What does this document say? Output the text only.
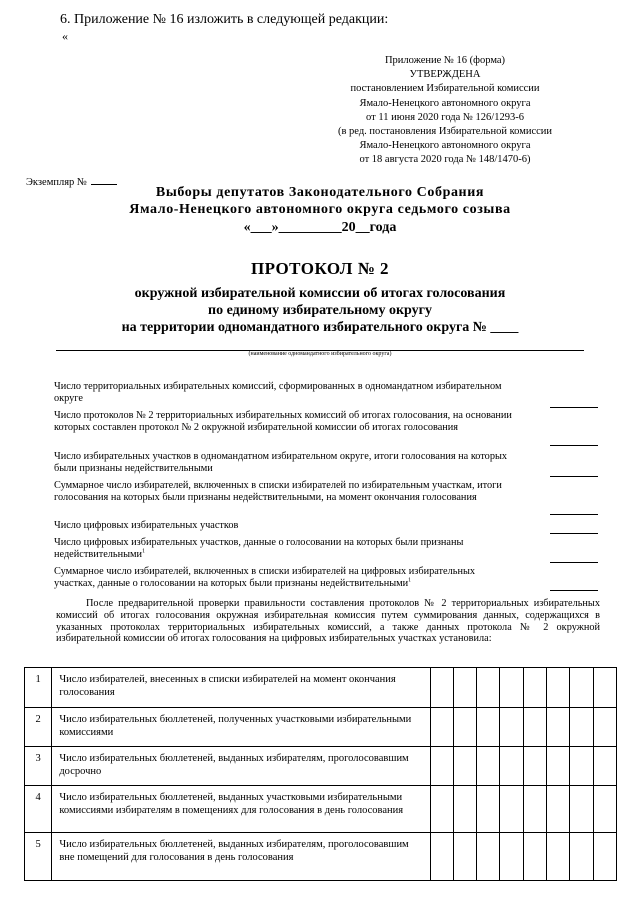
6. Приложение № 16 изложить в следующей редакции:
«
Приложение № 16 (форма)
УТВЕРЖДЕНА
постановлением Избирательной комиссии
Ямало-Ненецкого автономного округа
от 11 июня 2020 года № 126/1293-6
(в ред. постановления Избирательной комиссии
Ямало-Ненецкого автономного округа
от 18 августа 2020 года № 148/1470-6)
Экземпляр №
Выборы депутатов Законодательного Собрания
Ямало-Ненецкого автономного округа седьмого созыва
«___»_________20__года
ПРОТОКОЛ № 2
окружной избирательной комиссии об итогах голосования
по единому избирательному округу
на территории одномандатного избирательного округа № ____
(наименование одномандатного избирательного округа)
Число территориальных избирательных комиссий, сформированных в одномандатном избирательном округе
Число протоколов № 2 территориальных избирательных комиссий об итогах голосования, на основании которых составлен протокол № 2 окружной избирательной комиссии об итогах голосования
Число избирательных участков в одномандатном избирательном округе, итоги голосования на которых были признаны недействительными
Суммарное число избирателей, включенных в списки избирателей по избирательным участкам, итоги голосования на которых были признаны недействительными, на момент окончания голосования
Число цифровых избирательных участков
Число цифровых избирательных участков, данные о голосовании на которых были признаны недействительными$^1$
Суммарное число избирателей, включенных в списки избирателей на цифровых избирательных участках, данные о голосовании на которых были признаны недействительными$^1$
После предварительной проверки правильности составления протоколов № 2 территориальных избирательных комиссий об итогах голосования окружная избирательная комиссия путем суммирования данных, содержащихся в указанных протоколах территориальных избирательных комиссий, а также данных протокола № 2 окружной избирательной комиссии об итогах голосования на цифровых избирательных участках установила:
1	Число избирателей, внесенных в списки избирателей на момент окончания голосования								
2	Число избирательных бюллетеней, полученных участковыми избирательными комиссиями								
3	Число избирательных бюллетеней, выданных избирателям, проголосовавшим досрочно								
4	Число избирательных бюллетеней, выданных участковыми избирательными комиссиями избирателям в помещениях для голосования в день голосования								
5	Число избирательных бюллетеней, выданных избирателям, проголосовавшим вне помещений для голосования в день голосования								
